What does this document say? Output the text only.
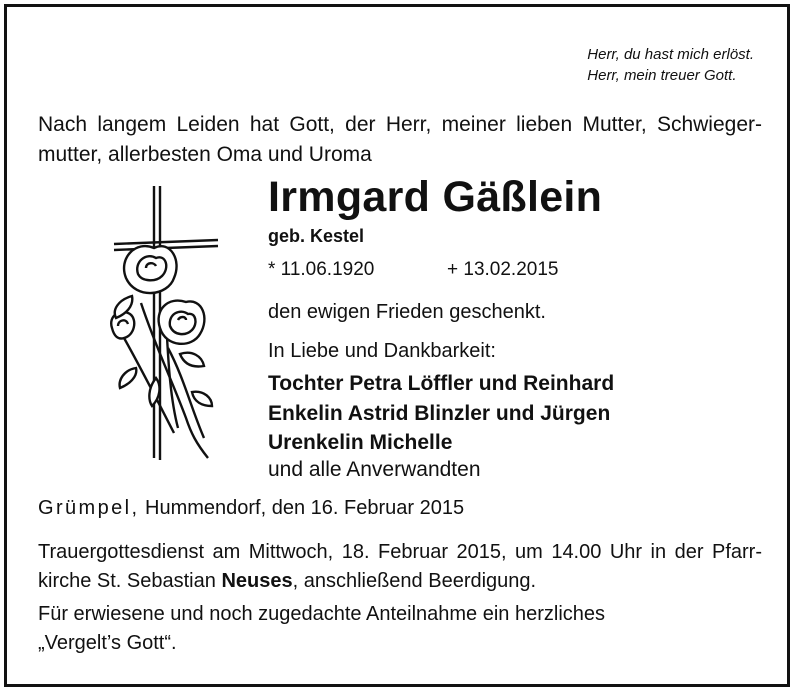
Herr, du hast mich erlöst.
Herr, mein treuer Gott.
Nach langem Leiden hat Gott, der Herr, meiner lieben Mutter, Schwieger-
mutter, allerbesten Oma und Uroma
Irmgard Gäßlein
geb. Kestel
* 11.06.1920	+ 13.02.2015
den ewigen Frieden geschenkt.
In Liebe und Dankbarkeit:
Tochter Petra Löffler und Reinhard
Enkelin Astrid Blinzler und Jürgen
Urenkelin Michelle
und alle Anverwandten
Grümpel, Hummendorf, den 16. Februar 2015
Trauergottesdienst am Mittwoch, 18. Februar 2015, um 14.00 Uhr in der Pfarr-
kirche St. Sebastian Neuses, anschließend Beerdigung.
Für erwiesene und noch zugedachte Anteilnahme ein herzliches
„Vergelt’s Gott“.
